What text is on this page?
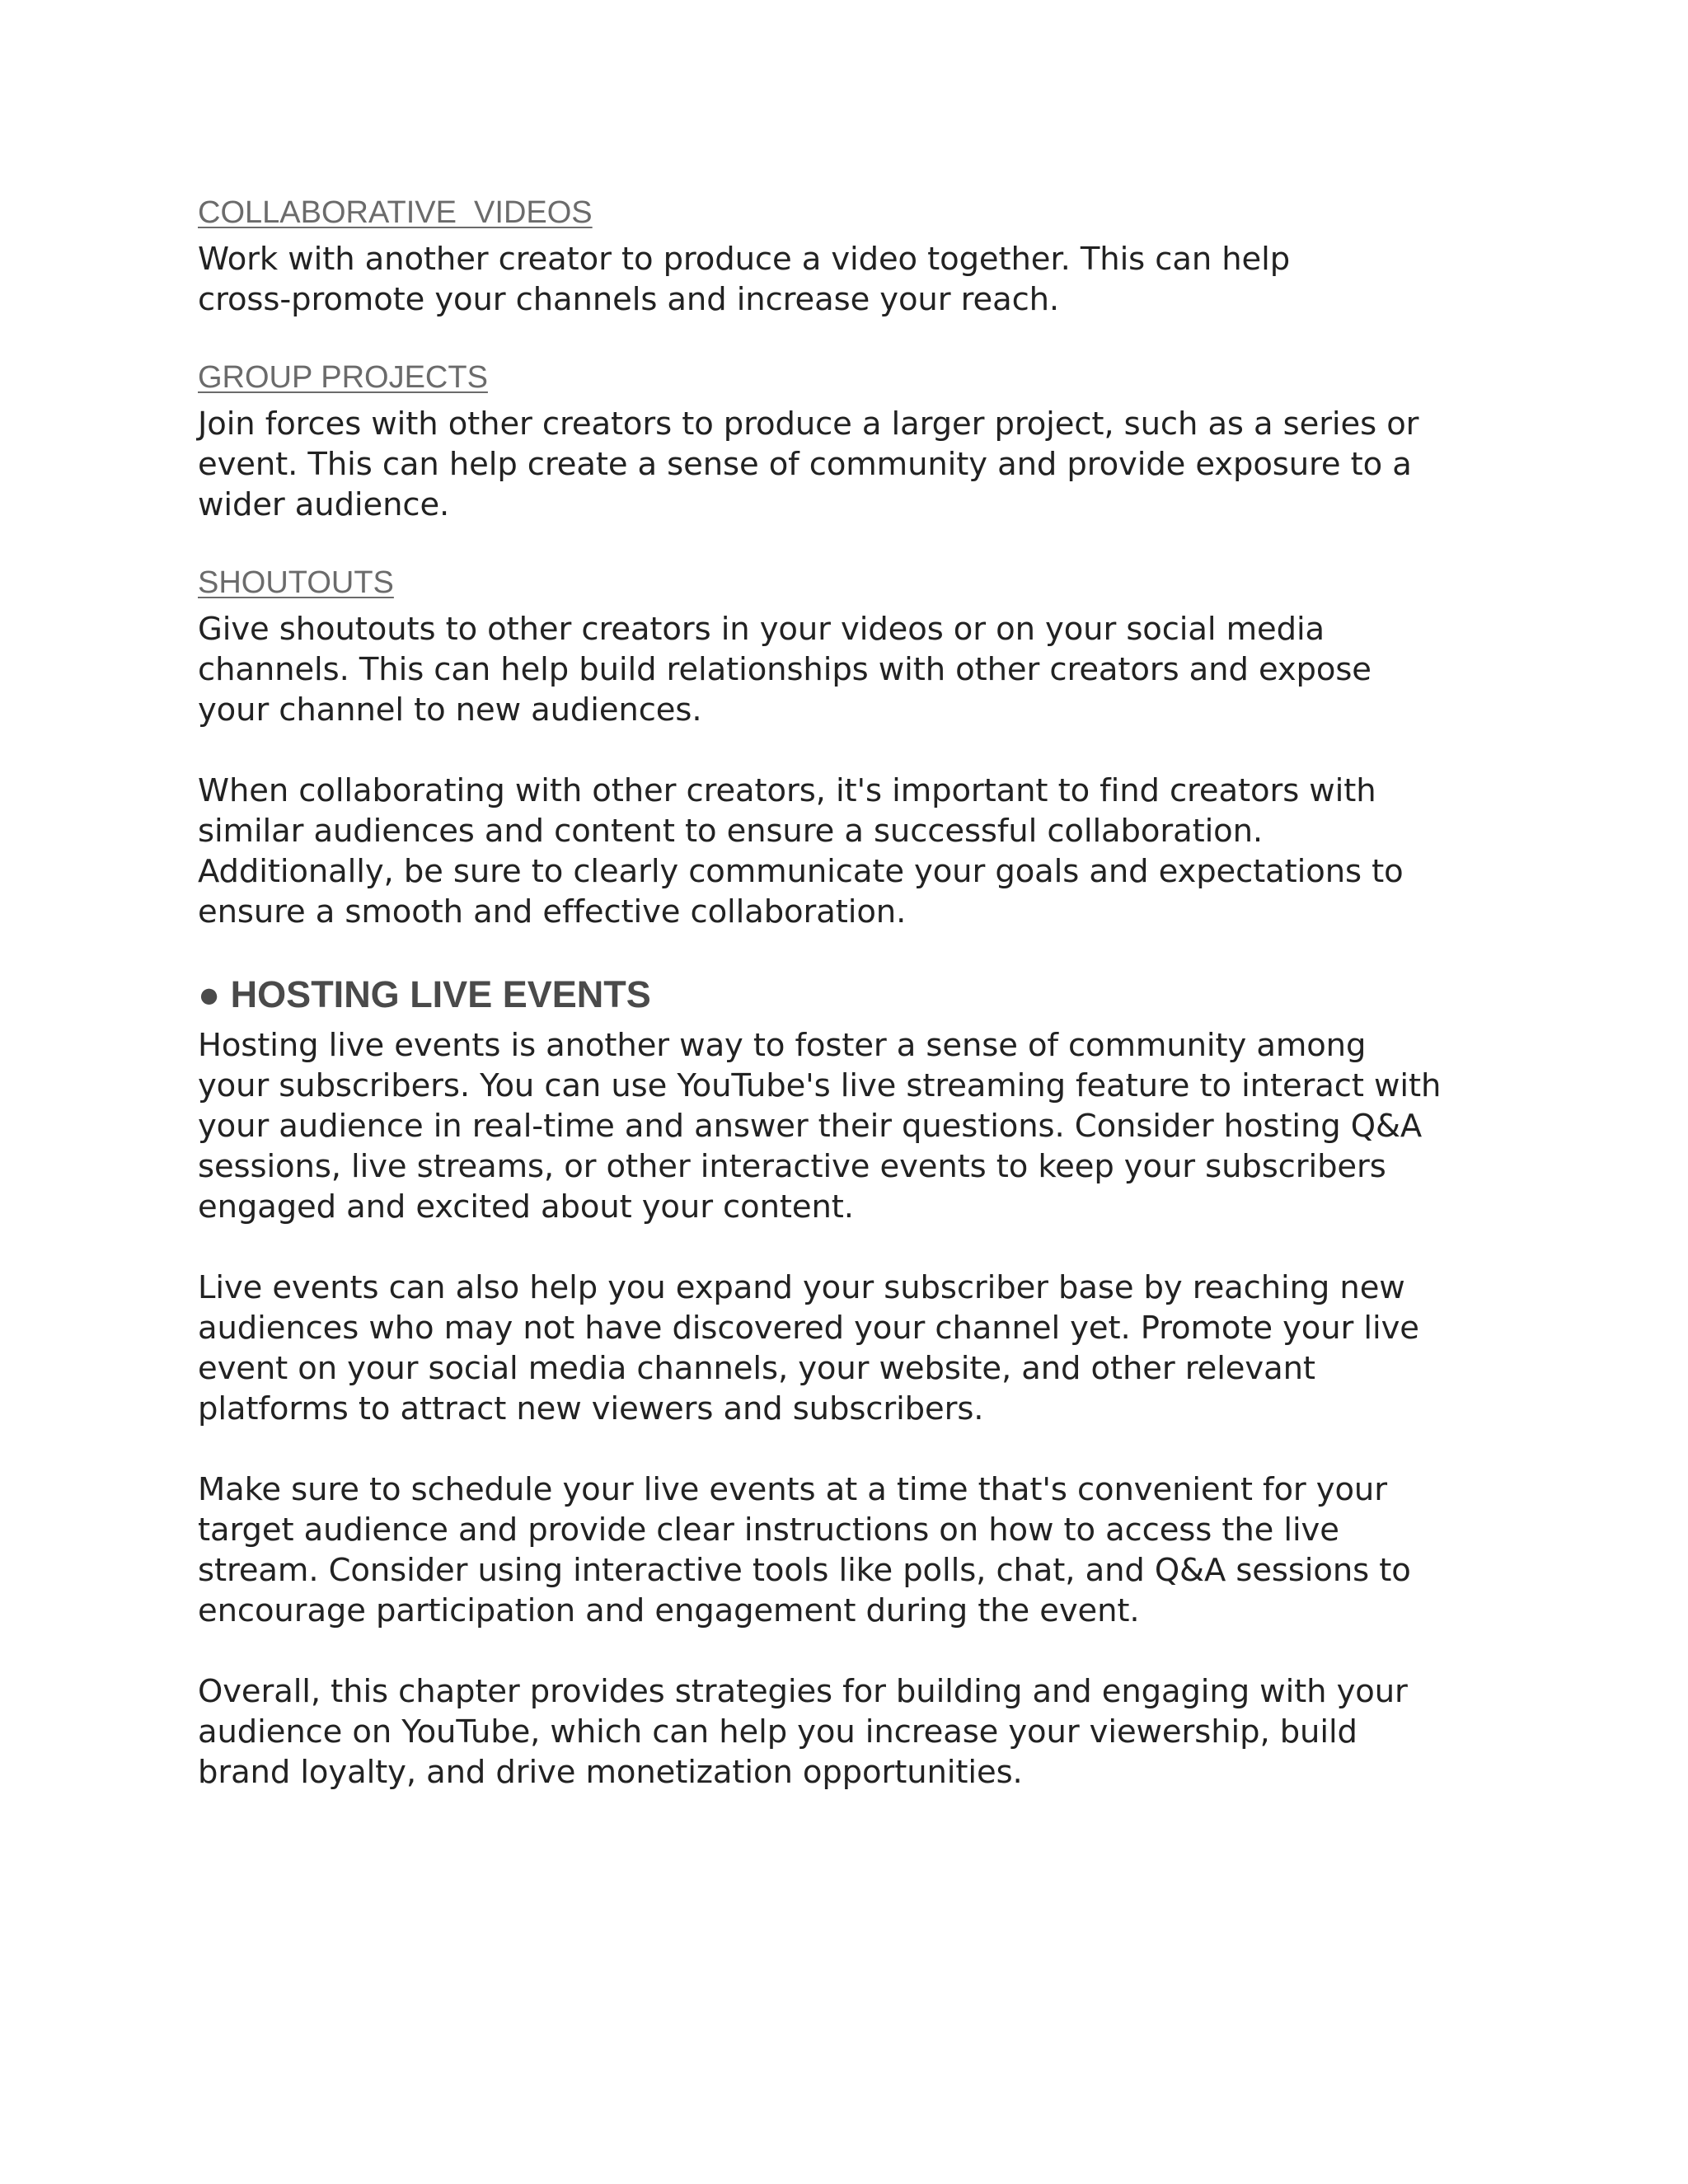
COLLABORATIVE  VIDEOS

Work with another creator to produce a video together. This can help
cross-promote your channels and increase your reach.

GROUP PROJECTS

Join forces with other creators to produce a larger project, such as a series or
event. This can help create a sense of community and provide exposure to a
wider audience.

SHOUTOUTS

Give shoutouts to other creators in your videos or on your social media
channels. This can help build relationships with other creators and expose
your channel to new audiences.

When collaborating with other creators, it's important to find creators with
similar audiences and content to ensure a successful collaboration.
Additionally, be sure to clearly communicate your goals and expectations to
ensure a smooth and effective collaboration.

● HOSTING LIVE EVENTS

Hosting live events is another way to foster a sense of community among
your subscribers. You can use YouTube's live streaming feature to interact with
your audience in real-time and answer their questions. Consider hosting Q&A
sessions, live streams, or other interactive events to keep your subscribers
engaged and excited about your content.

Live events can also help you expand your subscriber base by reaching new
audiences who may not have discovered your channel yet. Promote your live
event on your social media channels, your website, and other relevant
platforms to attract new viewers and subscribers.

Make sure to schedule your live events at a time that's convenient for your
target audience and provide clear instructions on how to access the live
stream. Consider using interactive tools like polls, chat, and Q&A sessions to
encourage participation and engagement during the event.

Overall, this chapter provides strategies for building and engaging with your
audience on YouTube, which can help you increase your viewership, build
brand loyalty, and drive monetization opportunities.
